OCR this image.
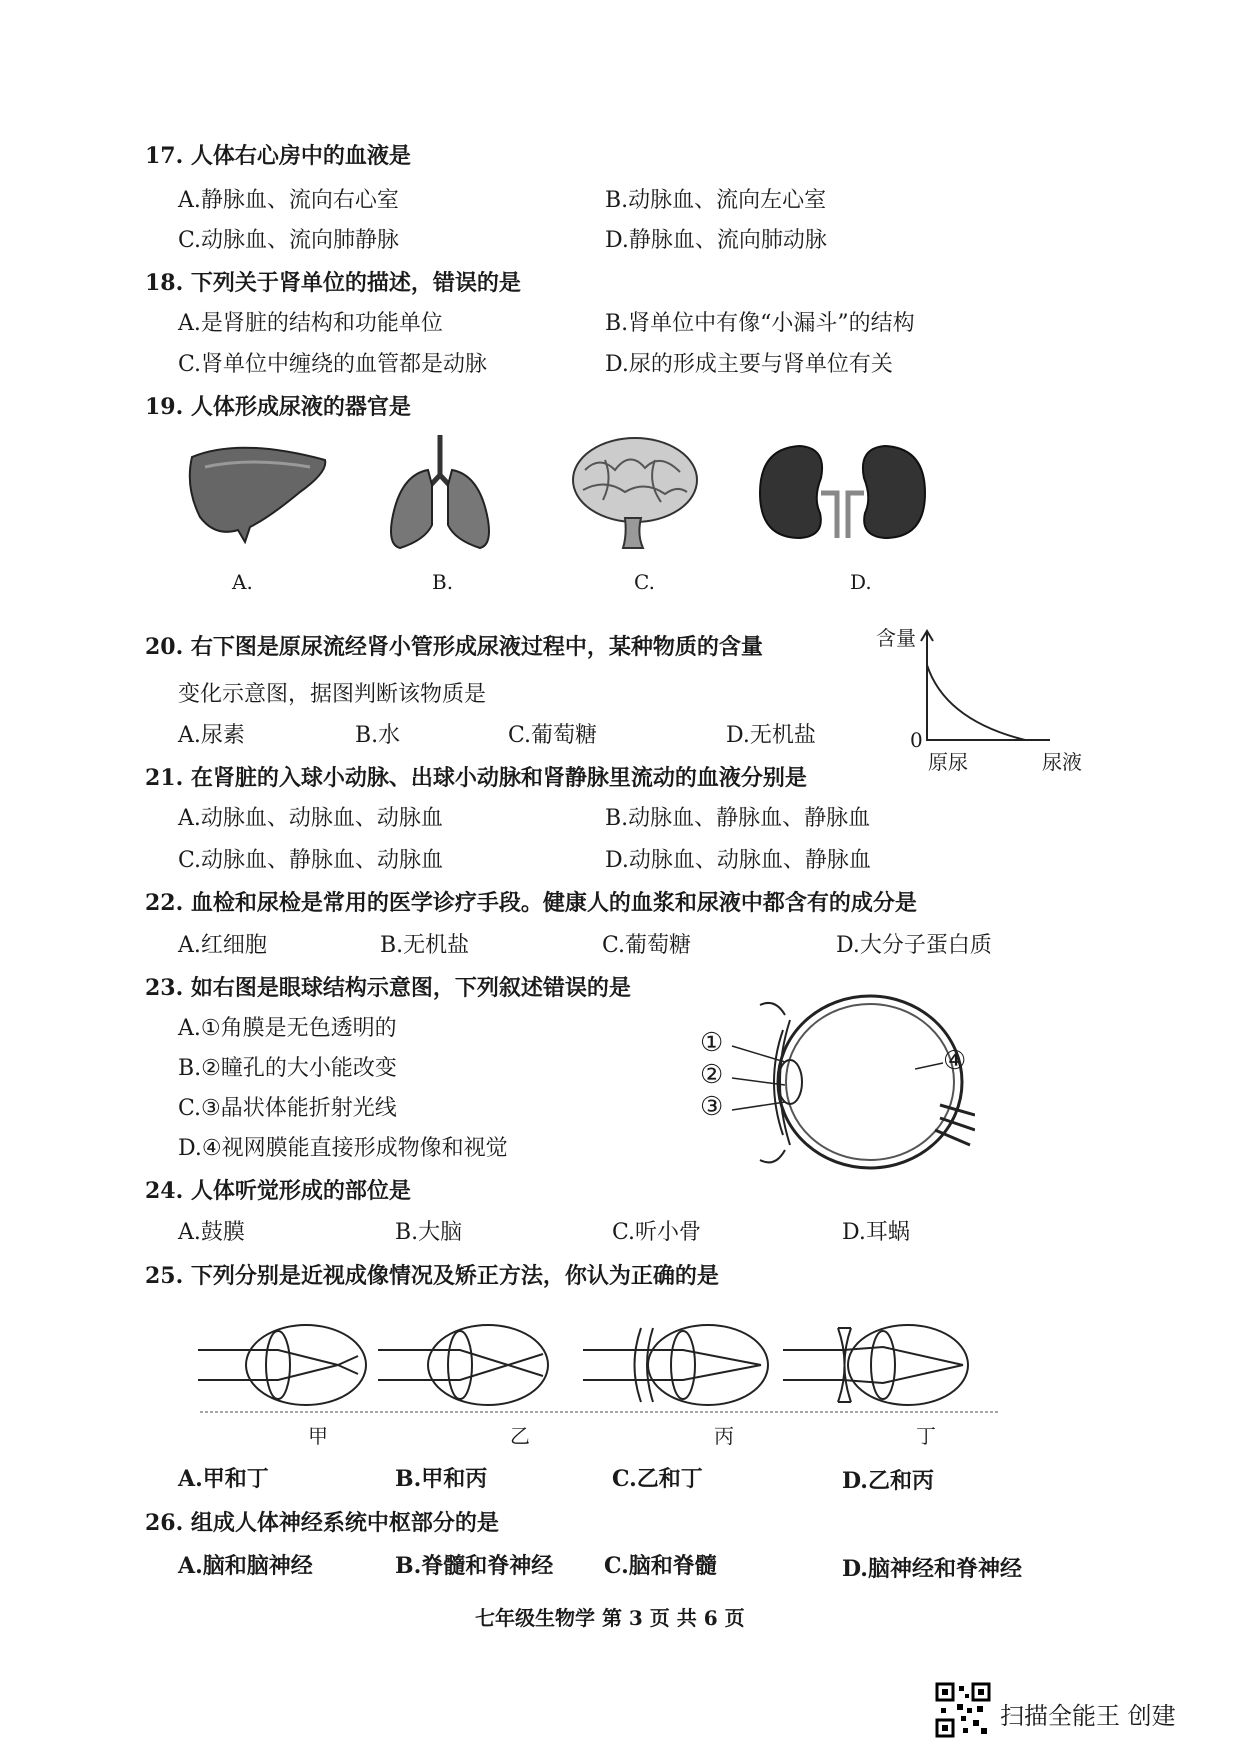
17. 人体右心房中的血液是
A.静脉血、流向右心室	B.动脉血、流向左心室
C.动脉血、流向肺静脉	D.静脉血、流向肺动脉
18. 下列关于肾单位的描述，错误的是
A.是肾脏的结构和功能单位	B.肾单位中有像“小漏斗”的结构
C.肾单位中缠绕的血管都是动脉	D.尿的形成主要与肾单位有关
19. 人体形成尿液的器官是
A.	B.	C.	D.
20. 右下图是原尿流经肾小管形成尿液过程中，某种物质的含量
变化示意图，据图判断该物质是
A.尿素	B.水	C.葡萄糖	D.无机盐
含量
0
原尿	尿液
21. 在肾脏的入球小动脉、出球小动脉和肾静脉里流动的血液分别是
A.动脉血、动脉血、动脉血	B.动脉血、静脉血、静脉血
C.动脉血、静脉血、动脉血	D.动脉血、动脉血、静脉血
22. 血检和尿检是常用的医学诊疗手段。健康人的血浆和尿液中都含有的成分是
A.红细胞	B.无机盐	C.葡萄糖	D.大分子蛋白质
23. 如右图是眼球结构示意图，下列叙述错误的是
A.①角膜是无色透明的
B.②瞳孔的大小能改变
C.③晶状体能折射光线
D.④视网膜能直接形成物像和视觉
①
②
③
④
24. 人体听觉形成的部位是
A.鼓膜	B.大脑	C.听小骨	D.耳蜗
25. 下列分别是近视成像情况及矫正方法，你认为正确的是
甲	乙	丙	丁
A.甲和丁	B.甲和丙	C.乙和丁	D.乙和丙
26. 组成人体神经系统中枢部分的是
A.脑和脑神经	B.脊髓和脊神经 C.脑和脊髓	D.脑神经和脊神经
七年级生物学 第 3 页 共 6 页
扫描全能王 创建
